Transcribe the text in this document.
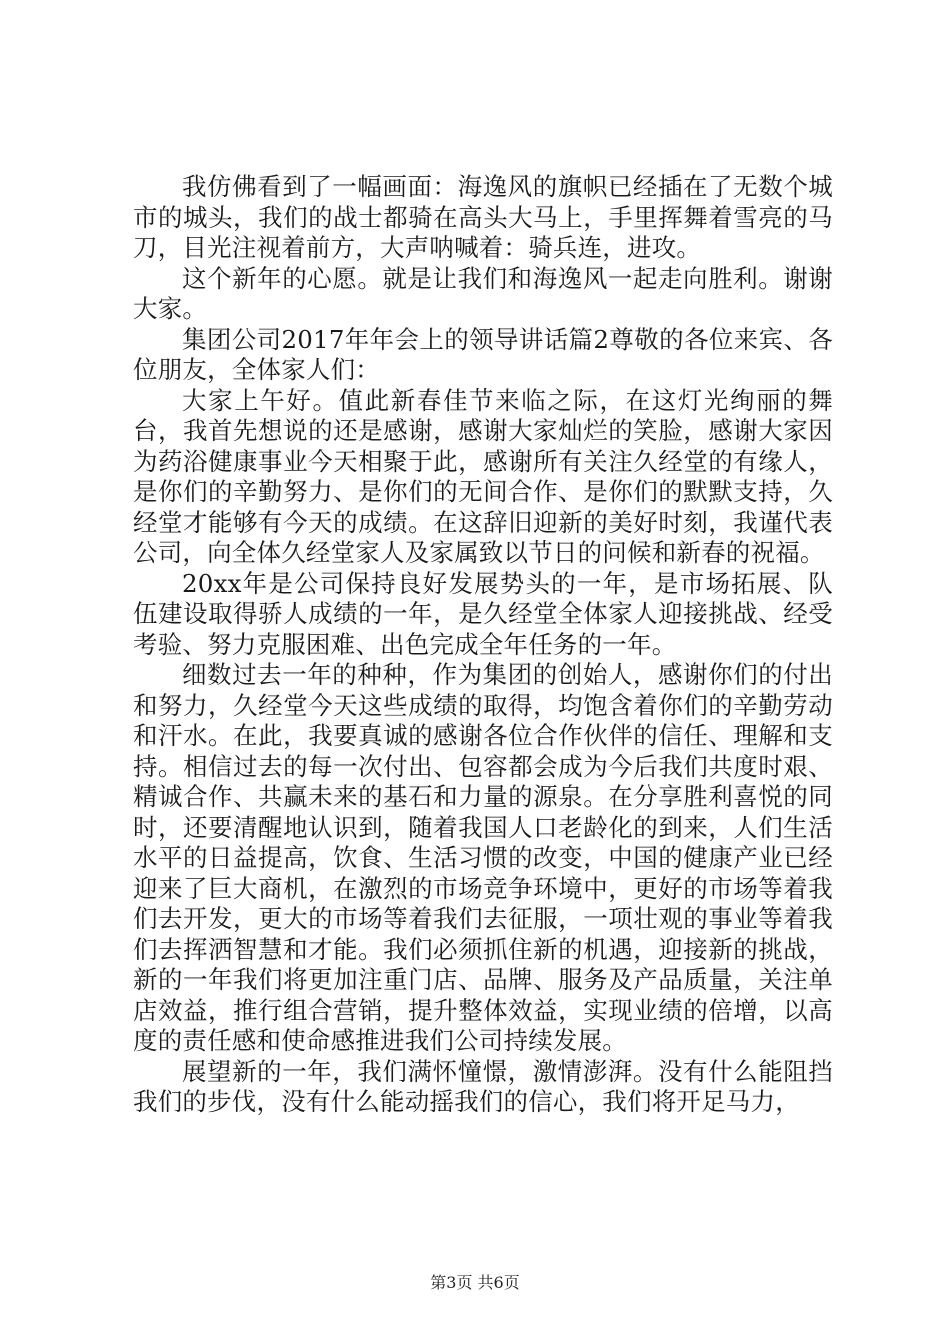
我仿佛看到了一幅画面：海逸风的旗帜已经插在了无数个城市的城头，我们的战士都骑在高头大马上，手里挥舞着雪亮的马刀，目光注视着前方，大声呐喊着：骑兵连，进攻。

这个新年的心愿。就是让我们和海逸风一起走向胜利。谢谢大家。

集团公司2017年年会上的领导讲话篇2尊敬的各位来宾、各位朋友，全体家人们：

大家上午好。值此新春佳节来临之际，在这灯光绚丽的舞台，我首先想说的还是感谢，感谢大家灿烂的笑脸，感谢大家因为药浴健康事业今天相聚于此，感谢所有关注久经堂的有缘人，是你们的辛勤努力、是你们的无间合作、是你们的默默支持，久经堂才能够有今天的成绩。在这辞旧迎新的美好时刻，我谨代表公司，向全体久经堂家人及家属致以节日的问候和新春的祝福。

20xx年是公司保持良好发展势头的一年，是市场拓展、队伍建设取得骄人成绩的一年，是久经堂全体家人迎接挑战、经受考验、努力克服困难、出色完成全年任务的一年。

细数过去一年的种种，作为集团的创始人，感谢你们的付出和努力，久经堂今天这些成绩的取得，均饱含着你们的辛勤劳动和汗水。在此，我要真诚的感谢各位合作伙伴的信任、理解和支持。相信过去的每一次付出、包容都会成为今后我们共度时艰、精诚合作、共赢未来的基石和力量的源泉。在分享胜利喜悦的同时，还要清醒地认识到，随着我国人口老龄化的到来，人们生活水平的日益提高，饮食、生活习惯的改变，中国的健康产业已经迎来了巨大商机，在激烈的市场竞争环境中，更好的市场等着我们去开发，更大的市场等着我们去征服，一项壮观的事业等着我们去挥洒智慧和才能。我们必须抓住新的机遇，迎接新的挑战，新的一年我们将更加注重门店、品牌、服务及产品质量，关注单店效益，推行组合营销，提升整体效益，实现业绩的倍增，以高度的责任感和使命感推进我们公司持续发展。

展望新的一年，我们满怀憧憬，激情澎湃。没有什么能阻挡我们的步伐，没有什么能动摇我们的信心，我们将开足马力，

第3页 共6页
